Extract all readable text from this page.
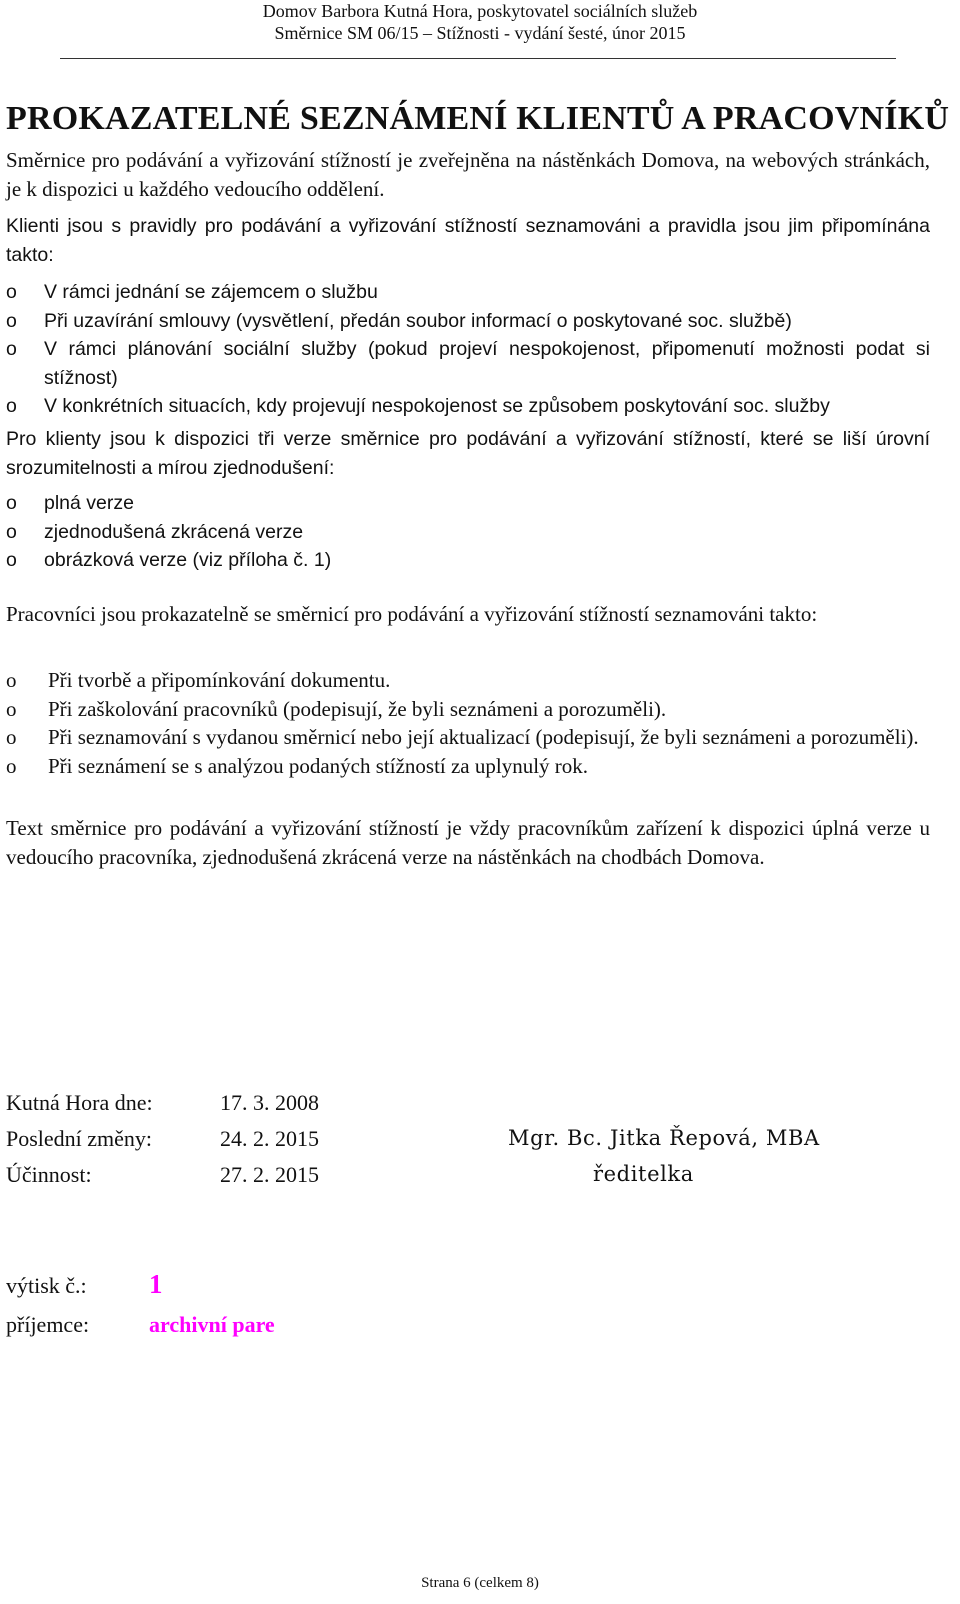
Domov Barbora Kutná Hora, poskytovatel sociálních služeb
Směrnice SM 06/15 – Stížnosti - vydání šesté, únor 2015
PROKAZATELNÉ SEZNÁMENÍ KLIENTŮ A PRACOVNÍKŮ
Směrnice pro podávání a vyřizování stížností je zveřejněna na nástěnkách Domova, na webových stránkách, je k dispozici u každého vedoucího oddělení.
Klienti jsou s pravidly pro podávání a vyřizování stížností seznamováni a pravidla jsou jim připomínána takto:
o V rámci jednání se zájemcem o službu
o Při uzavírání smlouvy (vysvětlení, předán soubor informací o poskytované soc. službě)
o V rámci plánování sociální služby (pokud projeví nespokojenost, připomenutí možnosti podat si stížnost)
o V konkrétních situacích, kdy projevují nespokojenost se způsobem poskytování soc. služby
Pro klienty jsou k dispozici tři verze směrnice pro podávání a vyřizování stížností, které se liší úrovní srozumitelnosti a mírou zjednodušení:
o plná verze
o zjednodušená zkrácená verze
o obrázková verze (viz příloha č. 1)
Pracovníci jsou prokazatelně se směrnicí pro podávání a vyřizování stížností seznamováni takto:
o Při tvorbě a připomínkování dokumentu.
o Při zaškolování pracovníků (podepisují, že byli seznámeni a porozuměli).
o Při seznamování s vydanou směrnicí nebo její aktualizací (podepisují, že byli seznámeni a porozuměli).
o Při seznámení se s analýzou podaných stížností za uplynulý rok.
Text směrnice pro podávání a vyřizování stížností je vždy pracovníkům zařízení k dispozici úplná verze u vedoucího pracovníka, zjednodušená zkrácená verze na nástěnkách na chodbách Domova.
Kutná Hora dne:	17. 3. 2008
Poslední změny:	24. 2. 2015
Účinnost:	27. 2. 2015
Mgr. Bc. Jitka Řepová, MBA
ředitelka
výtisk č.: 1
příjemce:	archivní pare
Strana 6 (celkem 8)
